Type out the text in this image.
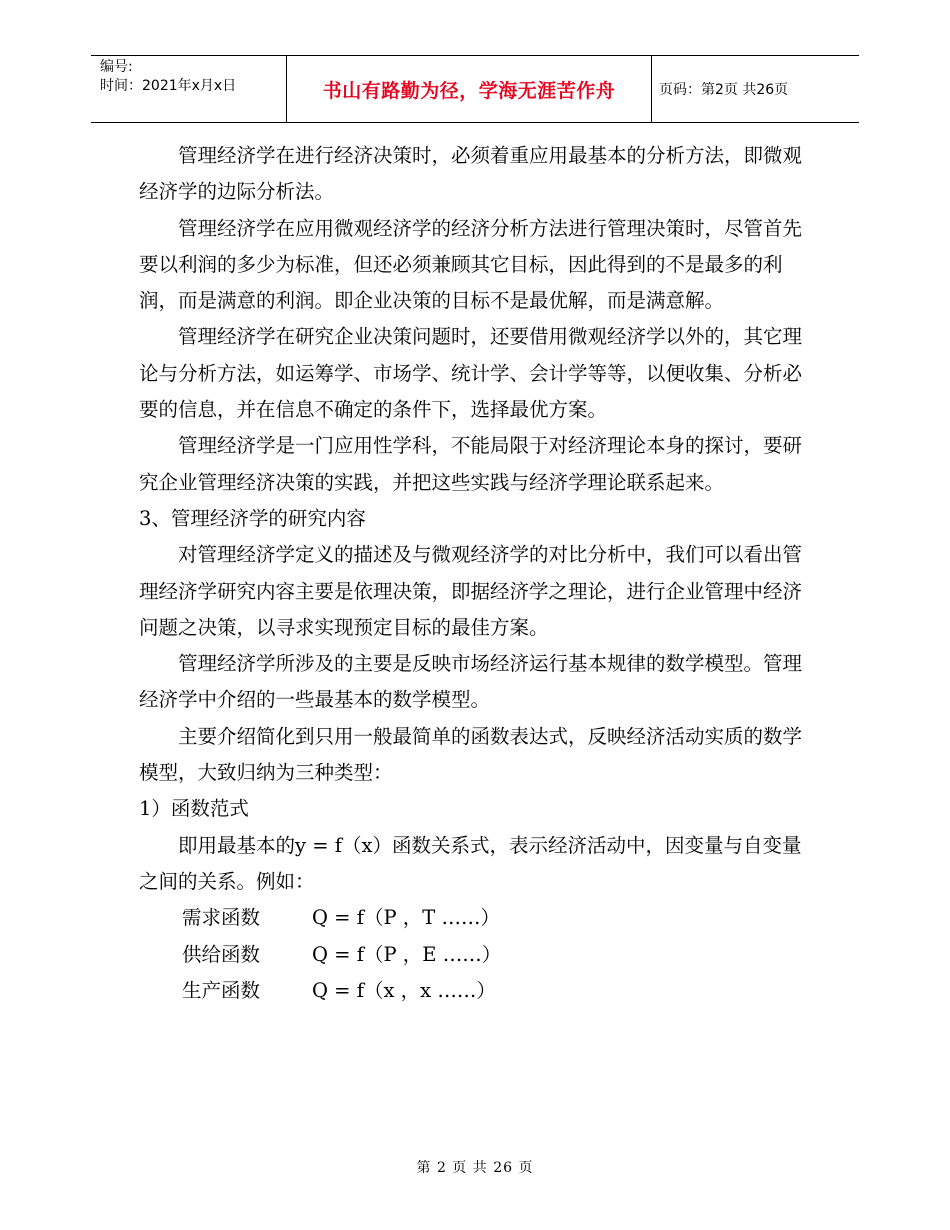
编号:
时间：2021年x月x日	书山有路勤为径，学海无涯苦作舟	页码：第2页 共26页

管理经济学在进行经济决策时，必须着重应用最基本的分析方法，即微观经济学的边际分析法。

管理经济学在应用微观经济学的经济分析方法进行管理决策时，尽管首先要以利润的多少为标准，但还必须兼顾其它目标，因此得到的不是最多的利润，而是满意的利润。即企业决策的目标不是最优解，而是满意解。

管理经济学在研究企业决策问题时，还要借用微观经济学以外的，其它理论与分析方法，如运筹学、市场学、统计学、会计学等等，以便收集、分析必要的信息，并在信息不确定的条件下，选择最优方案。

管理经济学是一门应用性学科，不能局限于对经济理论本身的探讨，要研究企业管理经济决策的实践，并把这些实践与经济学理论联系起来。

3、管理经济学的研究内容

对管理经济学定义的描述及与微观经济学的对比分析中，我们可以看出管理经济学研究内容主要是依理决策，即据经济学之理论，进行企业管理中经济问题之决策，以寻求实现预定目标的最佳方案。

管理经济学所涉及的主要是反映市场经济运行基本规律的数学模型。管理经济学中介绍的一些最基本的数学模型。

主要介绍简化到只用一般最简单的函数表达式，反映经济活动实质的数学模型，大致归纳为三种类型：

1）函数范式

即用最基本的y = f（x）函数关系式，表示经济活动中，因变量与自变量之间的关系。例如：

需求函数	Q = f（P ，T ……）
供给函数	Q = f（P ，E ……）
生产函数	Q = f（x ，x ……）
第 2 页 共 26 页
